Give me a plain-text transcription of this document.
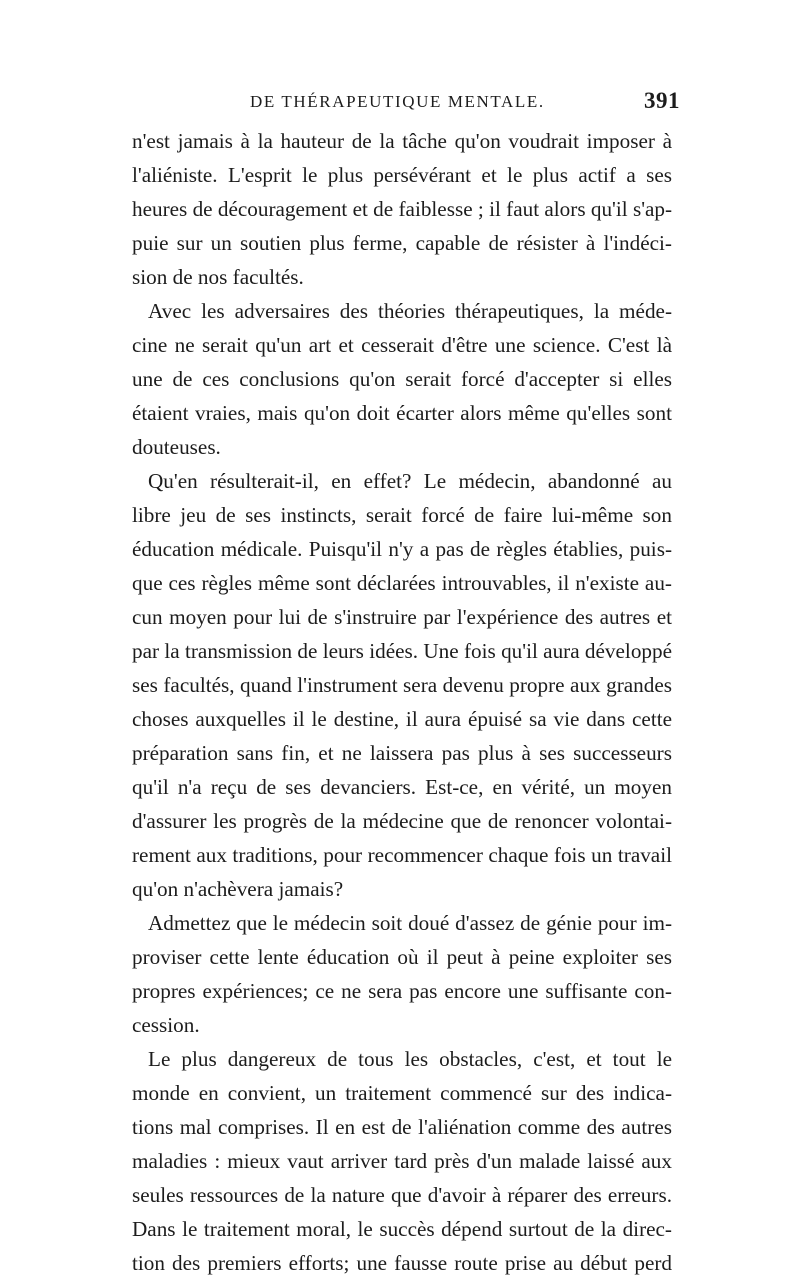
DE THÉRAPEUTIQUE MENTALE.	391
n'est jamais à la hauteur de la tâche qu'on voudrait imposer à
l'aliéniste. L'esprit le plus persévérant et le plus actif a ses
heures de découragement et de faiblesse ; il faut alors qu'il s'ap-
puie sur un soutien plus ferme, capable de résister à l'indéci-
sion de nos facultés.
Avec les adversaires des théories thérapeutiques, la méde-
cine ne serait qu'un art et cesserait d'être une science. C'est là
une de ces conclusions qu'on serait forcé d'accepter si elles
étaient vraies, mais qu'on doit écarter alors même qu'elles sont
douteuses.
Qu'en résulterait-il, en effet? Le médecin, abandonné au
libre jeu de ses instincts, serait forcé de faire lui-même son
éducation médicale. Puisqu'il n'y a pas de règles établies, puis-
que ces règles même sont déclarées introuvables, il n'existe au-
cun moyen pour lui de s'instruire par l'expérience des autres et
par la transmission de leurs idées. Une fois qu'il aura développé
ses facultés, quand l'instrument sera devenu propre aux grandes
choses auxquelles il le destine, il aura épuisé sa vie dans cette
préparation sans fin, et ne laissera pas plus à ses successeurs
qu'il n'a reçu de ses devanciers. Est-ce, en vérité, un moyen
d'assurer les progrès de la médecine que de renoncer volontai-
rement aux traditions, pour recommencer chaque fois un travail
qu'on n'achèvera jamais?
Admettez que le médecin soit doué d'assez de génie pour im-
proviser cette lente éducation où il peut à peine exploiter ses
propres expériences; ce ne sera pas encore une suffisante con-
cession.
Le plus dangereux de tous les obstacles, c'est, et tout le
monde en convient, un traitement commencé sur des indica-
tions mal comprises. Il en est de l'aliénation comme des autres
maladies : mieux vaut arriver tard près d'un malade laissé aux
seules ressources de la nature que d'avoir à réparer des erreurs.
Dans le traitement moral, le succès dépend surtout de la direc-
tion des premiers efforts; une fausse route prise au début perd
